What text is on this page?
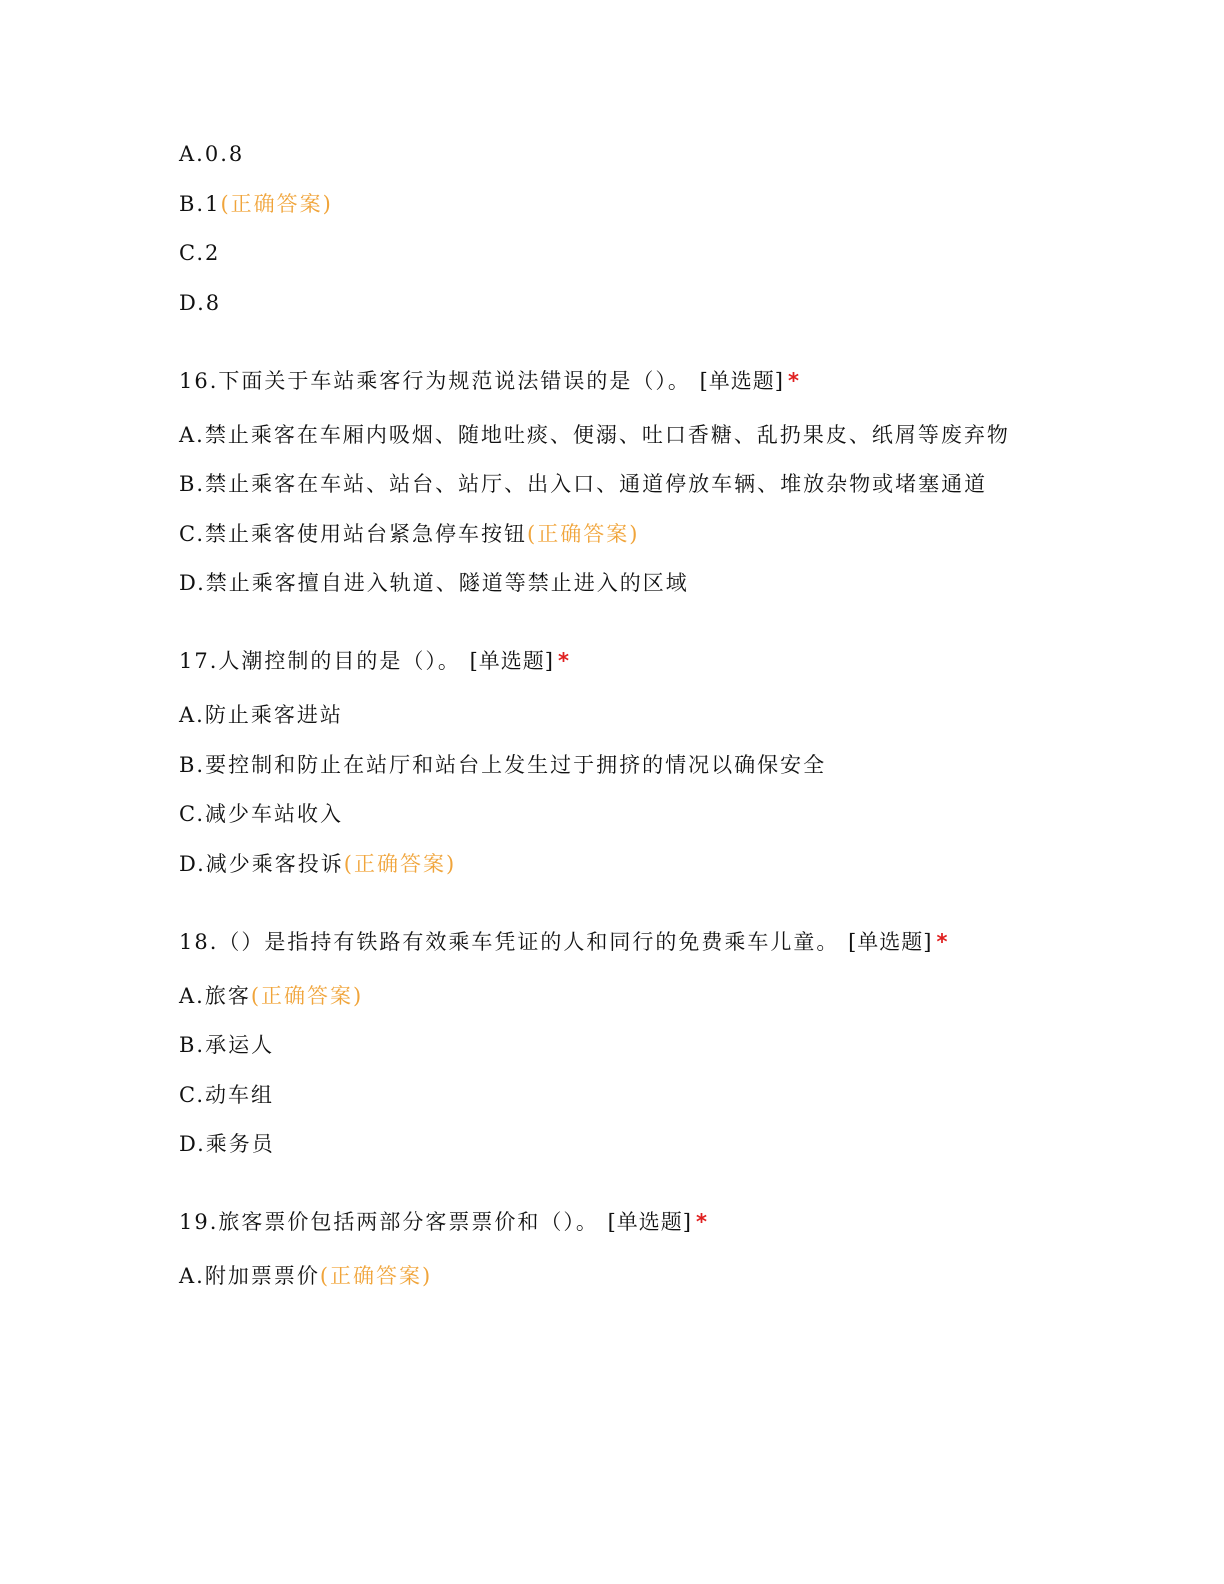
A.0.8
B.1(正确答案)
C.2
D.8
16.下面关于车站乘客行为规范说法错误的是（）。 [单选题] *
A.禁止乘客在车厢内吸烟、随地吐痰、便溺、吐口香糖、乱扔果皮、纸屑等废弃物
B.禁止乘客在车站、站台、站厅、出入口、通道停放车辆、堆放杂物或堵塞通道
C.禁止乘客使用站台紧急停车按钮(正确答案)
D.禁止乘客擅自进入轨道、隧道等禁止进入的区域
17.人潮控制的目的是（）。 [单选题] *
A.防止乘客进站
B.要控制和防止在站厅和站台上发生过于拥挤的情况以确保安全
C.减少车站收入
D.减少乘客投诉(正确答案)
18.（）是指持有铁路有效乘车凭证的人和同行的免费乘车儿童。 [单选题] *
A.旅客(正确答案)
B.承运人
C.动车组
D.乘务员
19.旅客票价包括两部分客票票价和（）。 [单选题] *
A.附加票票价(正确答案)
